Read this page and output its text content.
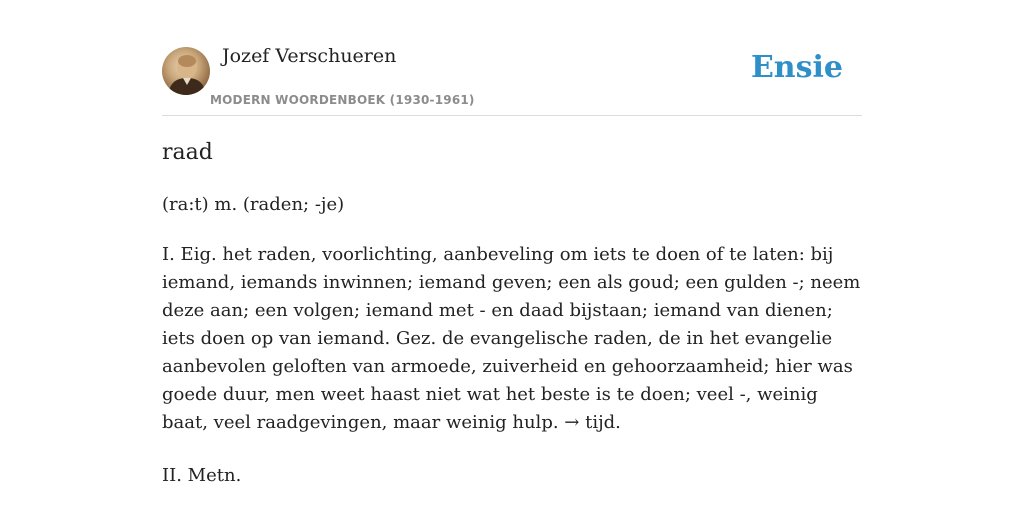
Jozef Verschueren
MODERN WOORDENBOEK (1930-1961)
Ensie
raad
(ra:t) m. (raden; -je)
I. Eig. het raden, voorlichting, aanbeveling om iets te doen of te laten: bij iemand, iemands inwinnen; iemand geven; een als goud; een gulden -; neem deze aan; een volgen; iemand met - en daad bijstaan; iemand van dienen; iets doen op van iemand. Gez. de evangelische raden, de in het evangelie aanbevolen geloften van armoede, zuiverheid en gehoorzaamheid; hier was goede duur, men weet haast niet wat het beste is te doen; veel -, weinig baat, veel raadgevingen, maar weinig hulp. → tijd.
II. Metn.
